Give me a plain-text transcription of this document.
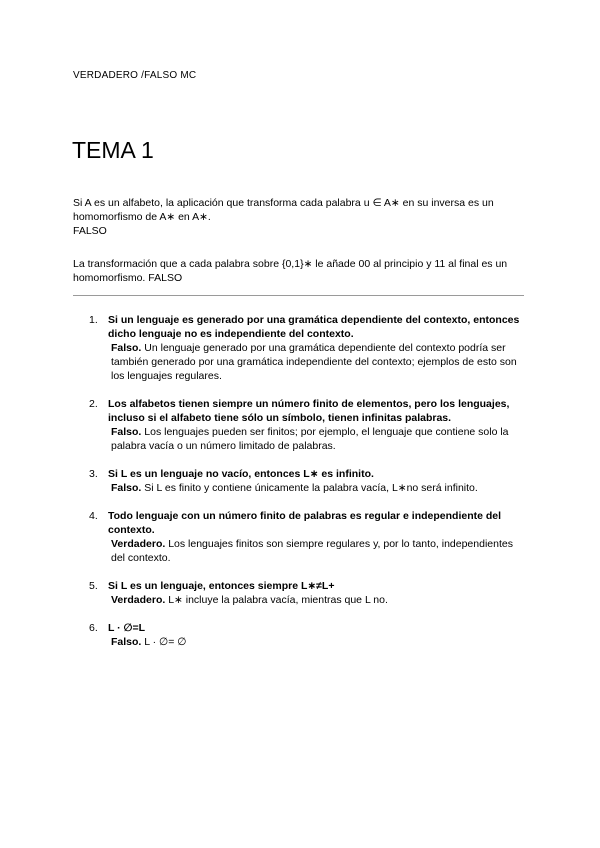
VERDADERO /FALSO MC
TEMA 1
Si A es un alfabeto, la aplicación que transforma cada palabra u ∈ A∗ en su inversa es un homomorfismo de A∗ en A∗.
FALSO
La transformación que a cada palabra sobre {0,1}∗ le añade 00 al principio y 11 al final es un homomorfismo. FALSO
1. Si un lenguaje es generado por una gramática dependiente del contexto, entonces dicho lenguaje no es independiente del contexto.
Falso. Un lenguaje generado por una gramática dependiente del contexto podría ser también generado por una gramática independiente del contexto; ejemplos de esto son los lenguajes regulares.
2. Los alfabetos tienen siempre un número finito de elementos, pero los lenguajes, incluso si el alfabeto tiene sólo un símbolo, tienen infinitas palabras.
Falso. Los lenguajes pueden ser finitos; por ejemplo, el lenguaje que contiene solo la palabra vacía o un número limitado de palabras.
3. Si L es un lenguaje no vacío, entonces L∗ es infinito.
Falso. Si L es finito y contiene únicamente la palabra vacía, L∗no será infinito.
4. Todo lenguaje con un número finito de palabras es regular e independiente del contexto.
Verdadero. Los lenguajes finitos son siempre regulares y, por lo tanto, independientes del contexto.
5. Si L es un lenguaje, entonces siempre L∗≠L+
Verdadero. L∗ incluye la palabra vacía, mientras que L no.
6. L · ∅=L
Falso. L · ∅= ∅
